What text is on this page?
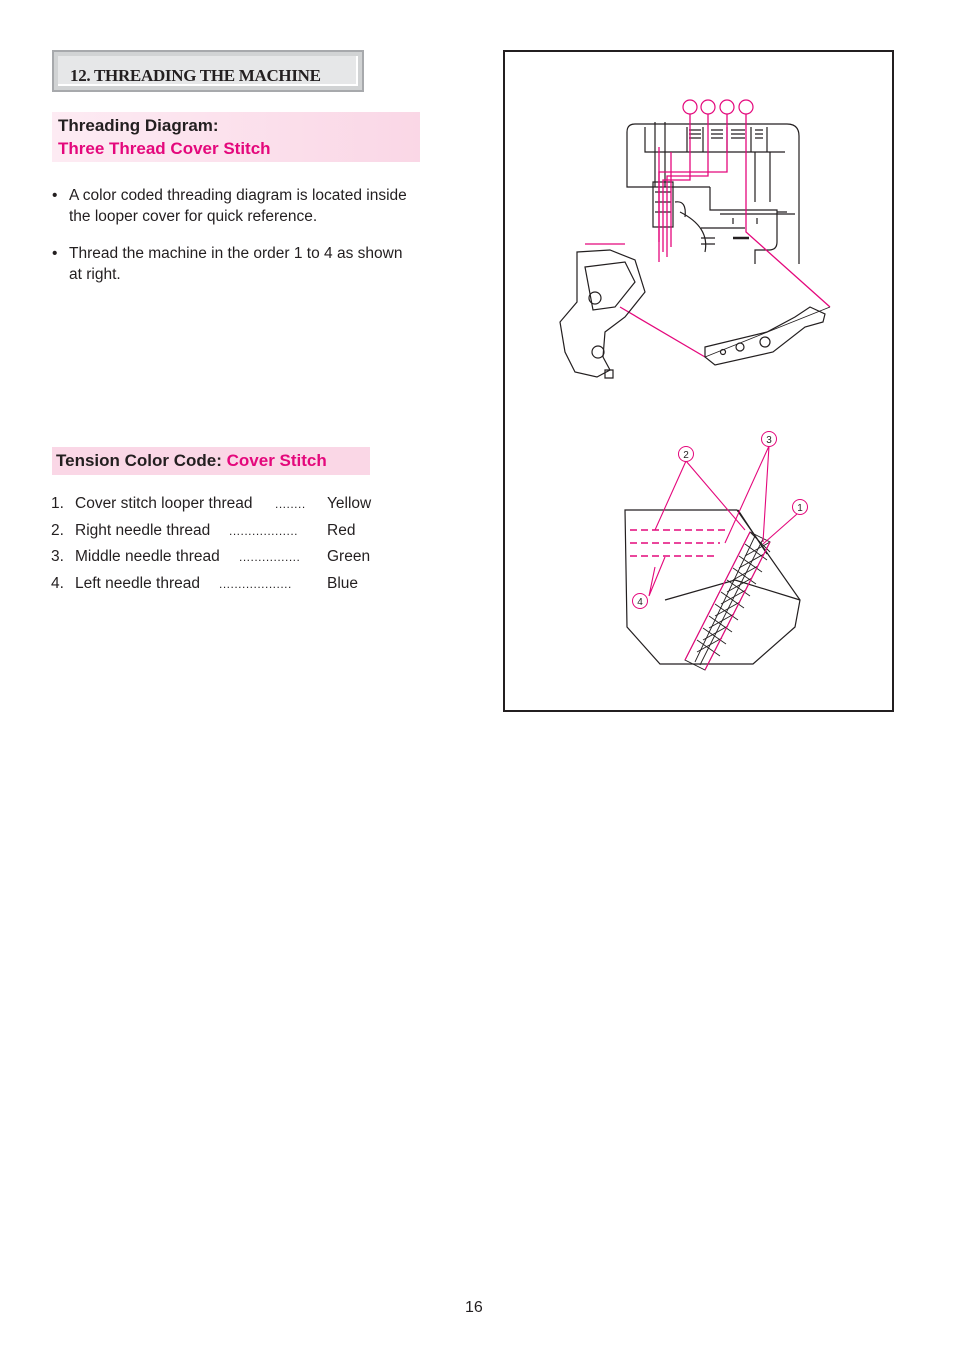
12. THREADING THE MACHINE
Threading Diagram:
Three Thread Cover Stitch
• A color coded threading diagram is located inside
the looper cover for quick reference.
• Thread the machine in the order 1 to 4 as shown
at right.
Tension Color Code: Cover Stitch
1. Cover stitch looper thread ........ Yellow
2. Right needle thread .................. Red
3. Middle needle thread ................ Green
4. Left needle thread ................... Blue
2
3
1
4
16
